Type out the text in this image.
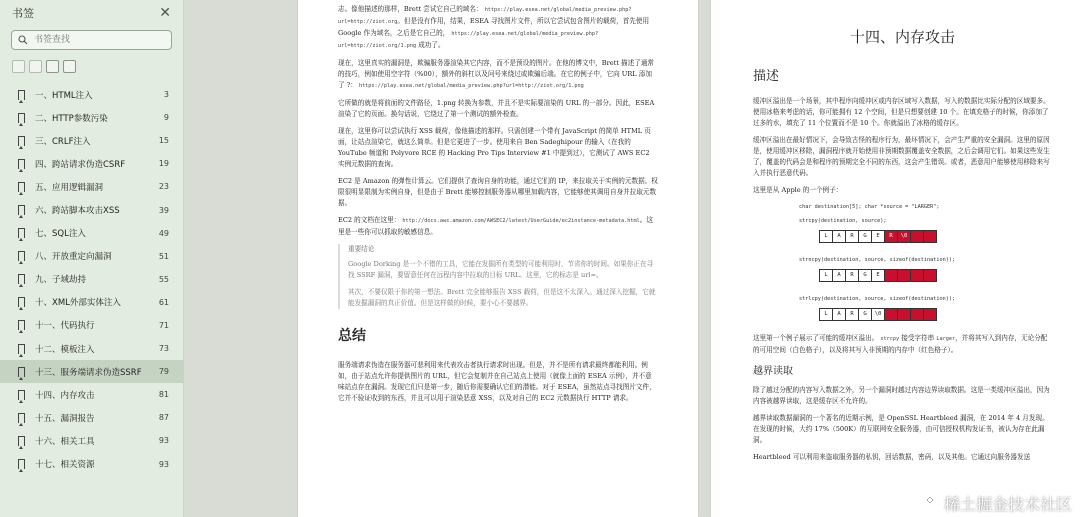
书签	✕
书签查找
一、HTML注入	3
二、HTTP参数污染	9
三、CRLF注入	15
四、跨站请求伪造CSRF	19
五、应用逻辑漏洞	23
六、跨站脚本攻击XSS	39
七、SQL注入	49
八、开放重定向漏洞	51
九、子域劫持	55
十、XML外部实体注入	61
十一、代码执行	71
十二、模板注入	73
十三、服务端请求伪造SSRF	79
十四、内存攻击	81
十五、漏洞报告	87
十六、相关工具	93
十七、相关资源	93

志。像他描述的那样，Brett 尝试它自己的域名： https://play.esea.net/global/media_preview.php?url=http://ziot.org。但是没有作用，结果，ESEA 寻找图片文件，所以它尝试包含图片的载荷，首先使用 Google 作为域名，之后是它自己的， https://play.esea.net/global/media_preview.php?url=http://ziot.org/1.png 成功了。

现在，这里真实的漏洞是，欺骗服务器渲染其它内容，而不是预设的图片。在他的博文中，Brett 描述了通常的技巧，例如使用空字符（%00），额外的斜杠以及问号来绕过或欺骗后端。在它的例子中，它向 URL 添加了 ?： https://play.esea.net/global/media_preview.php?url=http://ziot.org/1.png

它所做的就是将前面的文件路径，1.png 转换为参数，并且不是实际要渲染的 URL 的一部分。因此，ESEA 渲染了它的页面。换句话说，它绕过了第一个测试的额外检查。

现在，这里你可以尝试执行 XSS 载荷，像他描述的那样。只需创建一个带有 JavaScript 的简单 HTML 页面，让站点渲染它，就这么简单。但是它更进了一步。使用来自 Ben Sadeghipour 的输入（在我的 YouTube 频道和 Polyvore RCE 的 Hacking Pro Tips Interview #1 中提到过），它测试了 AWS EC2 实例元数据的查询。

EC2 是 Amazon 的弹性计算云。它们提供了查询自身的功能，通过它们的 IP，来拉取关于实例的元数据。权限很明显限制为实例自身，但是由于 Brett 能够控制服务器从哪里加载内容，它能够使其调用自身并拉取元数据。

EC2 的文档在这里： http://docs.aws.amazon.com/AWSEC2/latest/UserGuide/ec2instance-metadata.html。这里是一些你可以抓取的敏感信息。

重要结论

Google Dorking 是一个不错的工具，它能在发掘所有类型的可能利用时，节省你的时间。如果你正在寻找 SSRF 漏洞，要留意任何在远程内容中拉取的目标 URL。这里，它的标志是 url=。

其次，不要仅限于你的第一想法。Brett 完全能够报告 XSS 载荷，但是这不太深入。通过深入挖掘，它就能发掘漏洞的真正价值。但是这样做的时候，要小心不要越界。

总结

服务端请求伪造在服务器可悲利用来代表攻击者执行请求时出现。但是，并不是所有请求最终都能利用。例如，由于站点允许你提供图片的 URL，但它会复制并在自己站点上使用（就像上面的 ESEA 示例），并不意味站点存在漏洞。发现它们只是第一步，随后你需要确认它们的潜能。对于 ESEA，虽然站点寻找图片文件，它并不验证收到的东西，并且可以用于渲染恶意 XSS，以及对自己的 EC2 元数据执行 HTTP 请求。

十四、内存攻击
描述

缓冲区溢出是一个场景，其中程序向缓冲区或内存区域写入数据，写入的数据比实际分配的区域要多。使用冰格来考虑的话，你可能拥有 12 个空间，但是只想要创建 10 个。在填充格子的时候，你添加了过多的水，填充了 11 个位置而不是 10 个。你就溢出了冰格的缓存区。

缓冲区溢出在最好情况下，会导致古怪的程序行为，最坏情况下，会产生严重的安全漏洞。这里的原因是，使用缓冲区移除，漏洞程序就开始使用非预期数据覆盖安全数据，之后会调用它们。如果这些发生了，覆盖的代码会是和程序的预期完全不同的东西，这会产生错误。或者，恶意用户能够使用移除来写入并执行恶意代码。

这里是从 Apple 的一个例子：

char destination[5]; char *source = "LARGER";
strcpy(destination, source);
L	A	R	G	E	R	\0
strncpy(destination, source, sizeof(destination));
L	A	R	G	E
strlcpy(destination, source, sizeof(destination));
L	A	R	G	\0

这里第一个例子展示了可能的缓冲区溢出。 strcpy 接受字符串 Larger，并将其写入到内存，无论分配的可用空间（白色格子），以及将其写入非预期的内存中（红色格子）。

越界读取

除了越过分配的内容写入数据之外，另一个漏洞时越过内容边界读取数据。这是一类缓冲区溢出，因为内容被越界读取，这是缓存区不允许的。

越界读取数据漏洞的一个著名的近期示例，是 OpenSSL Heartbleed 漏洞，在 2014 年 4 月发现。在发现的时候，大约 17%（500K）的互联网安全服务器，由可信授权机构发证书，被认为存在此漏洞。

Heartbleed 可以利用来盗取服务器的私钥，回话数据，密码，以及其他。它通过向服务器发送

稀土掘金技术社区
